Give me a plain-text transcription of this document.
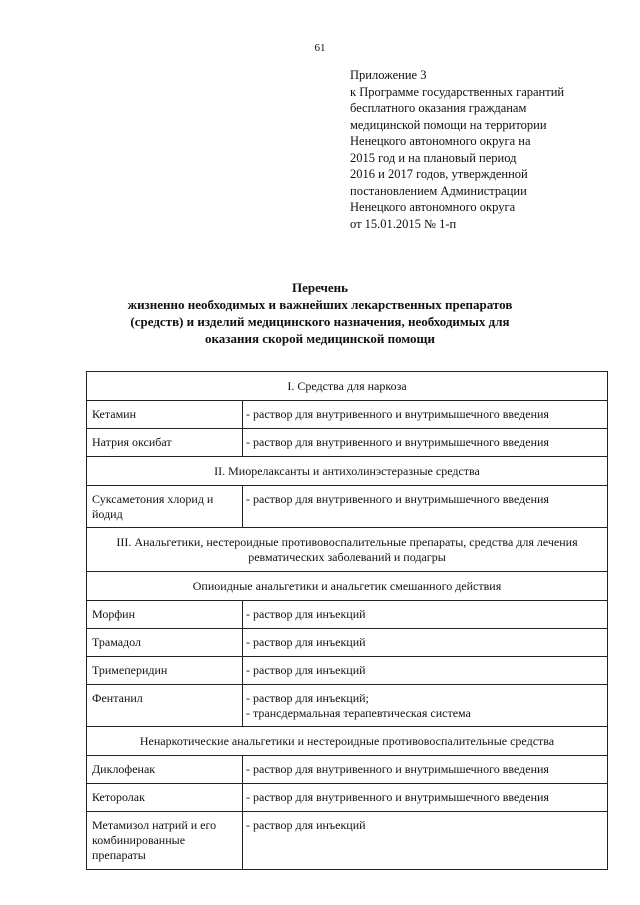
61
Приложение 3
к Программе государственных гарантий
бесплатного оказания гражданам
медицинской помощи на территории
Ненецкого автономного округа на
2015 год и на плановый период
2016 и 2017 годов, утвержденной
постановлением Администрации
Ненецкого автономного округа
от 15.01.2015 № 1-п
Перечень
жизненно необходимых и важнейших лекарственных препаратов
(средств) и изделий медицинского назначения, необходимых для
оказания скорой медицинской помощи
I. Средства для наркоза	
Кетамин	- раствор для внутривенного и внутримышечного введения
Натрия оксибат	- раствор для внутривенного и внутримышечного введения
II. Миорелаксанты и антихолинэстеразные средства	
Суксаметония хлорид и йодид	- раствор для внутривенного и внутримышечного введения
III. Анальгетики, нестероидные противовоспалительные препараты, средства для лечения ревматических заболеваний и подагры	
Опиоидные анальгетики и анальгетик смешанного действия	
Морфин	- раствор для инъекций
Трамадол	- раствор для инъекций
Тримеперидин	- раствор для инъекций
Фентанил	- раствор для инъекций;
- трансдермальная терапевтическая система

Ненаркотические анальгетики и нестероидные противовоспалительные средства	
Диклофенак	- раствор для внутривенного и внутримышечного введения
Кеторолак	- раствор для внутривенного и внутримышечного введения
Метамизол натрий и его комбинированные препараты	- раствор для инъекций
